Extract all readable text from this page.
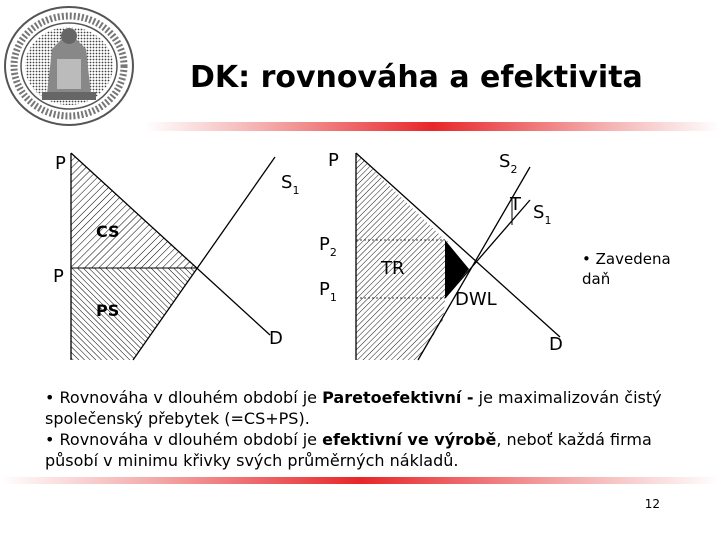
DK: rovnováha a efektivita
P
P
$S_1$
CS
PS
D
P	$S_2$
T $S_1$
$P_2$
$P_1$
TR
DWL
D
• Zavedena daň

• Rovnováha v dlouhém období je Paretoefektivní - je maximalizován čistý společenský přebytek (=CS+PS).

• Rovnováha v dlouhém období je efektivní ve výrobě, neboť každá firma působí v minimu křivky svých průměrných nákladů.

12
